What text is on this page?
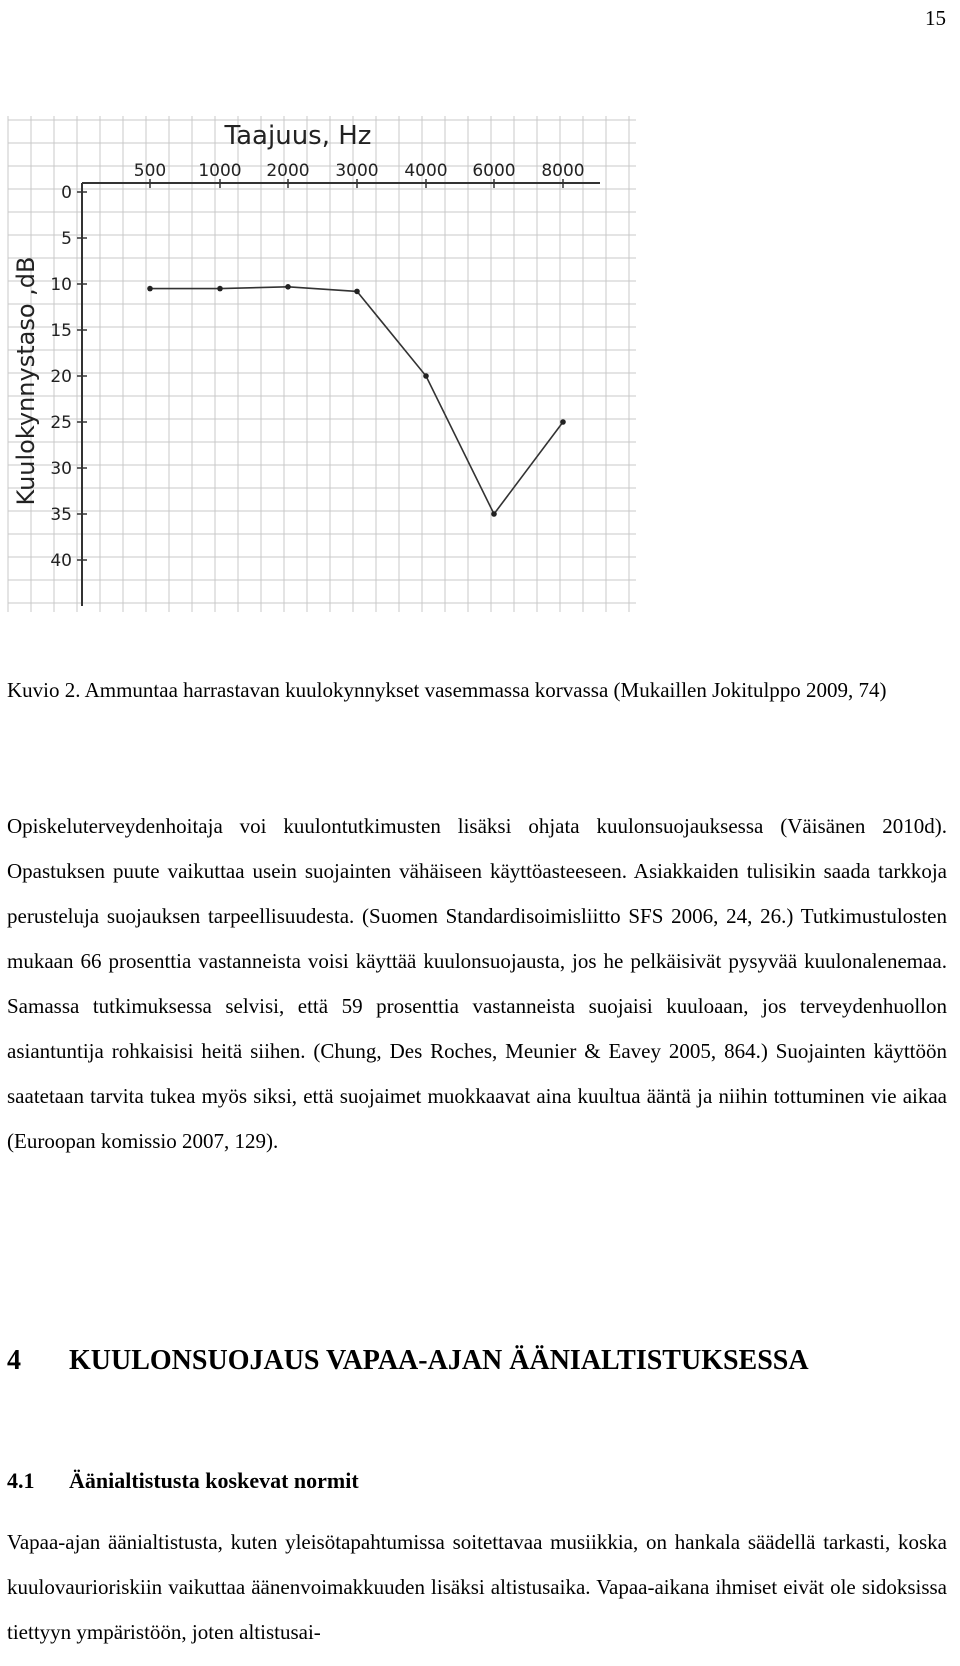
15
Taajuus, Hz
Kuulokynnystaso ,dB
500 1000 2000 3000 4000 6000 8000
0
5
10
15
20
25
30
35
40
Kuvio 2. Ammuntaa harrastavan kuulokynnykset vasemmassa korvassa (Mukaillen Jokitulppo 2009, 74)

Opiskeluterveydenhoitaja voi kuulontutkimusten lisäksi ohjata kuulonsuojauksessa (Väisänen 2010d). Opastuksen puute vaikuttaa usein suojainten vähäiseen käyttöasteeseen. Asiakkaiden tulisikin saada tarkkoja perusteluja suojauksen tarpeellisuudesta. (Suomen Standardisoimisliitto SFS 2006, 24, 26.) Tutkimustulosten mukaan 66 prosenttia vastanneista voisi käyttää kuulonsuojausta, jos he pelkäisivät pysyvää kuulonalenemaa. Samassa tutkimuksessa selvisi, että 59 prosenttia vastanneista suojaisi kuuloaan, jos terveydenhuollon asiantuntija rohkaisisi heitä siihen. (Chung, Des Roches, Meunier & Eavey 2005, 864.) Suojainten käyttöön saatetaan tarvita tukea myös siksi, että suojaimet muokkaavat aina kuultua ääntä ja niihin tottuminen vie aikaa (Euroopan komissio 2007, 129).

4 KUULONSUOJAUS VAPAA-AJAN ÄÄNIALTISTUKSESSA
4.1 Äänialtistusta koskevat normit

Vapaa-ajan äänialtistusta, kuten yleisötapahtumissa soitettavaa musiikkia, on hankala säädellä tarkasti, koska kuulovaurioriskiin vaikuttaa äänenvoimakkuuden lisäksi altistusaika. Vapaa-aikana ihmiset eivät ole sidoksissa tiettyyn ympäristöön, joten altistusai-
